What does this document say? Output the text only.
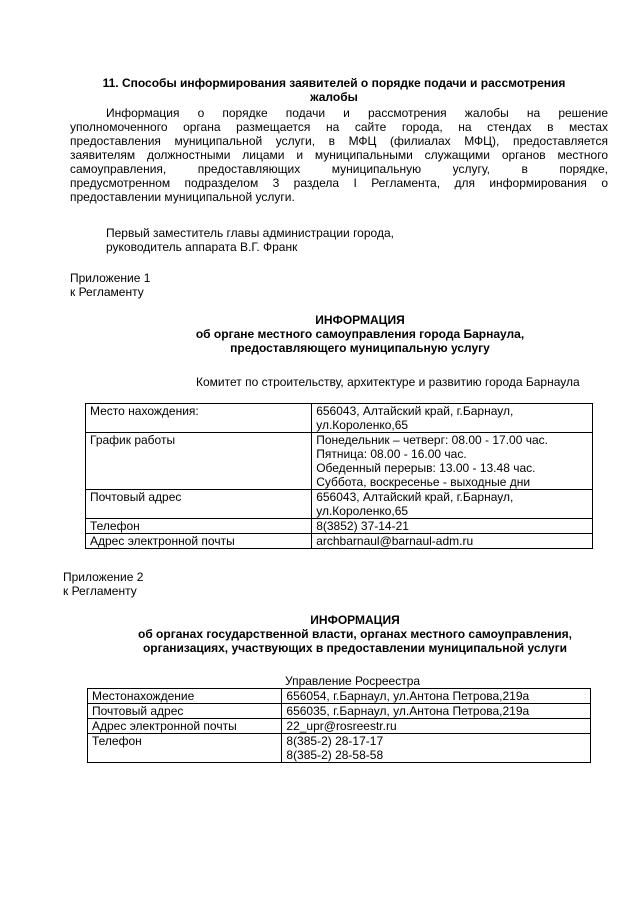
11. Способы информирования заявителей о порядке подачи и рассмотрения
жалобы
Информация о порядке подачи и рассмотрения жалобы на решение
уполномоченного органа размещается на сайте города, на стендах в местах
предоставления муниципальной услуги, в МФЦ (филиалах МФЦ), предоставляется
заявителям должностными лицами и муниципальными служащими органов местного
самоуправления, предоставляющих муниципальную услугу, в порядке,
предусмотренном подразделом 3 раздела I Регламента, для информирования о
предоставлении муниципальной услуги.
Первый заместитель главы администрации города,
руководитель аппарата В.Г. Франк
Приложение 1
к Регламенту
ИНФОРМАЦИЯ
об органе местного самоуправления города Барнаула,
предоставляющего муниципальную услугу
Комитет по строительству, архитектуре и развитию города Барнаула
Место нахождения:	656043, Алтайский край, г.Барнаул,
ул.Короленко,65

График работы	Понедельник – четверг: 08.00 - 17.00 час.
Пятница: 08.00 - 16.00 час.
Обеденный перерыв: 13.00 - 13.48 час.
Суббота, воскресенье - выходные дни

Почтовый адрес	656043, Алтайский край, г.Барнаул,
ул.Короленко,65

Телефон	8(3852) 37-14-21

Адрес электронной почты	archbarnaul@barnaul-adm.ru
Приложение 2
к Регламенту
ИНФОРМАЦИЯ
об органах государственной власти, органах местного самоуправления,
организациях, участвующих в предоставлении муниципальной услуги
Управление Росреестра
Местонахождение	656054, г.Барнаул, ул.Антона Петрова,219а

Почтовый адрес	656035, г.Барнаул, ул.Антона Петрова,219а

Адрес электронной почты	22_upr@rosreestr.ru

Телефон	8(385-2) 28-17-17
8(385-2) 28-58-58
